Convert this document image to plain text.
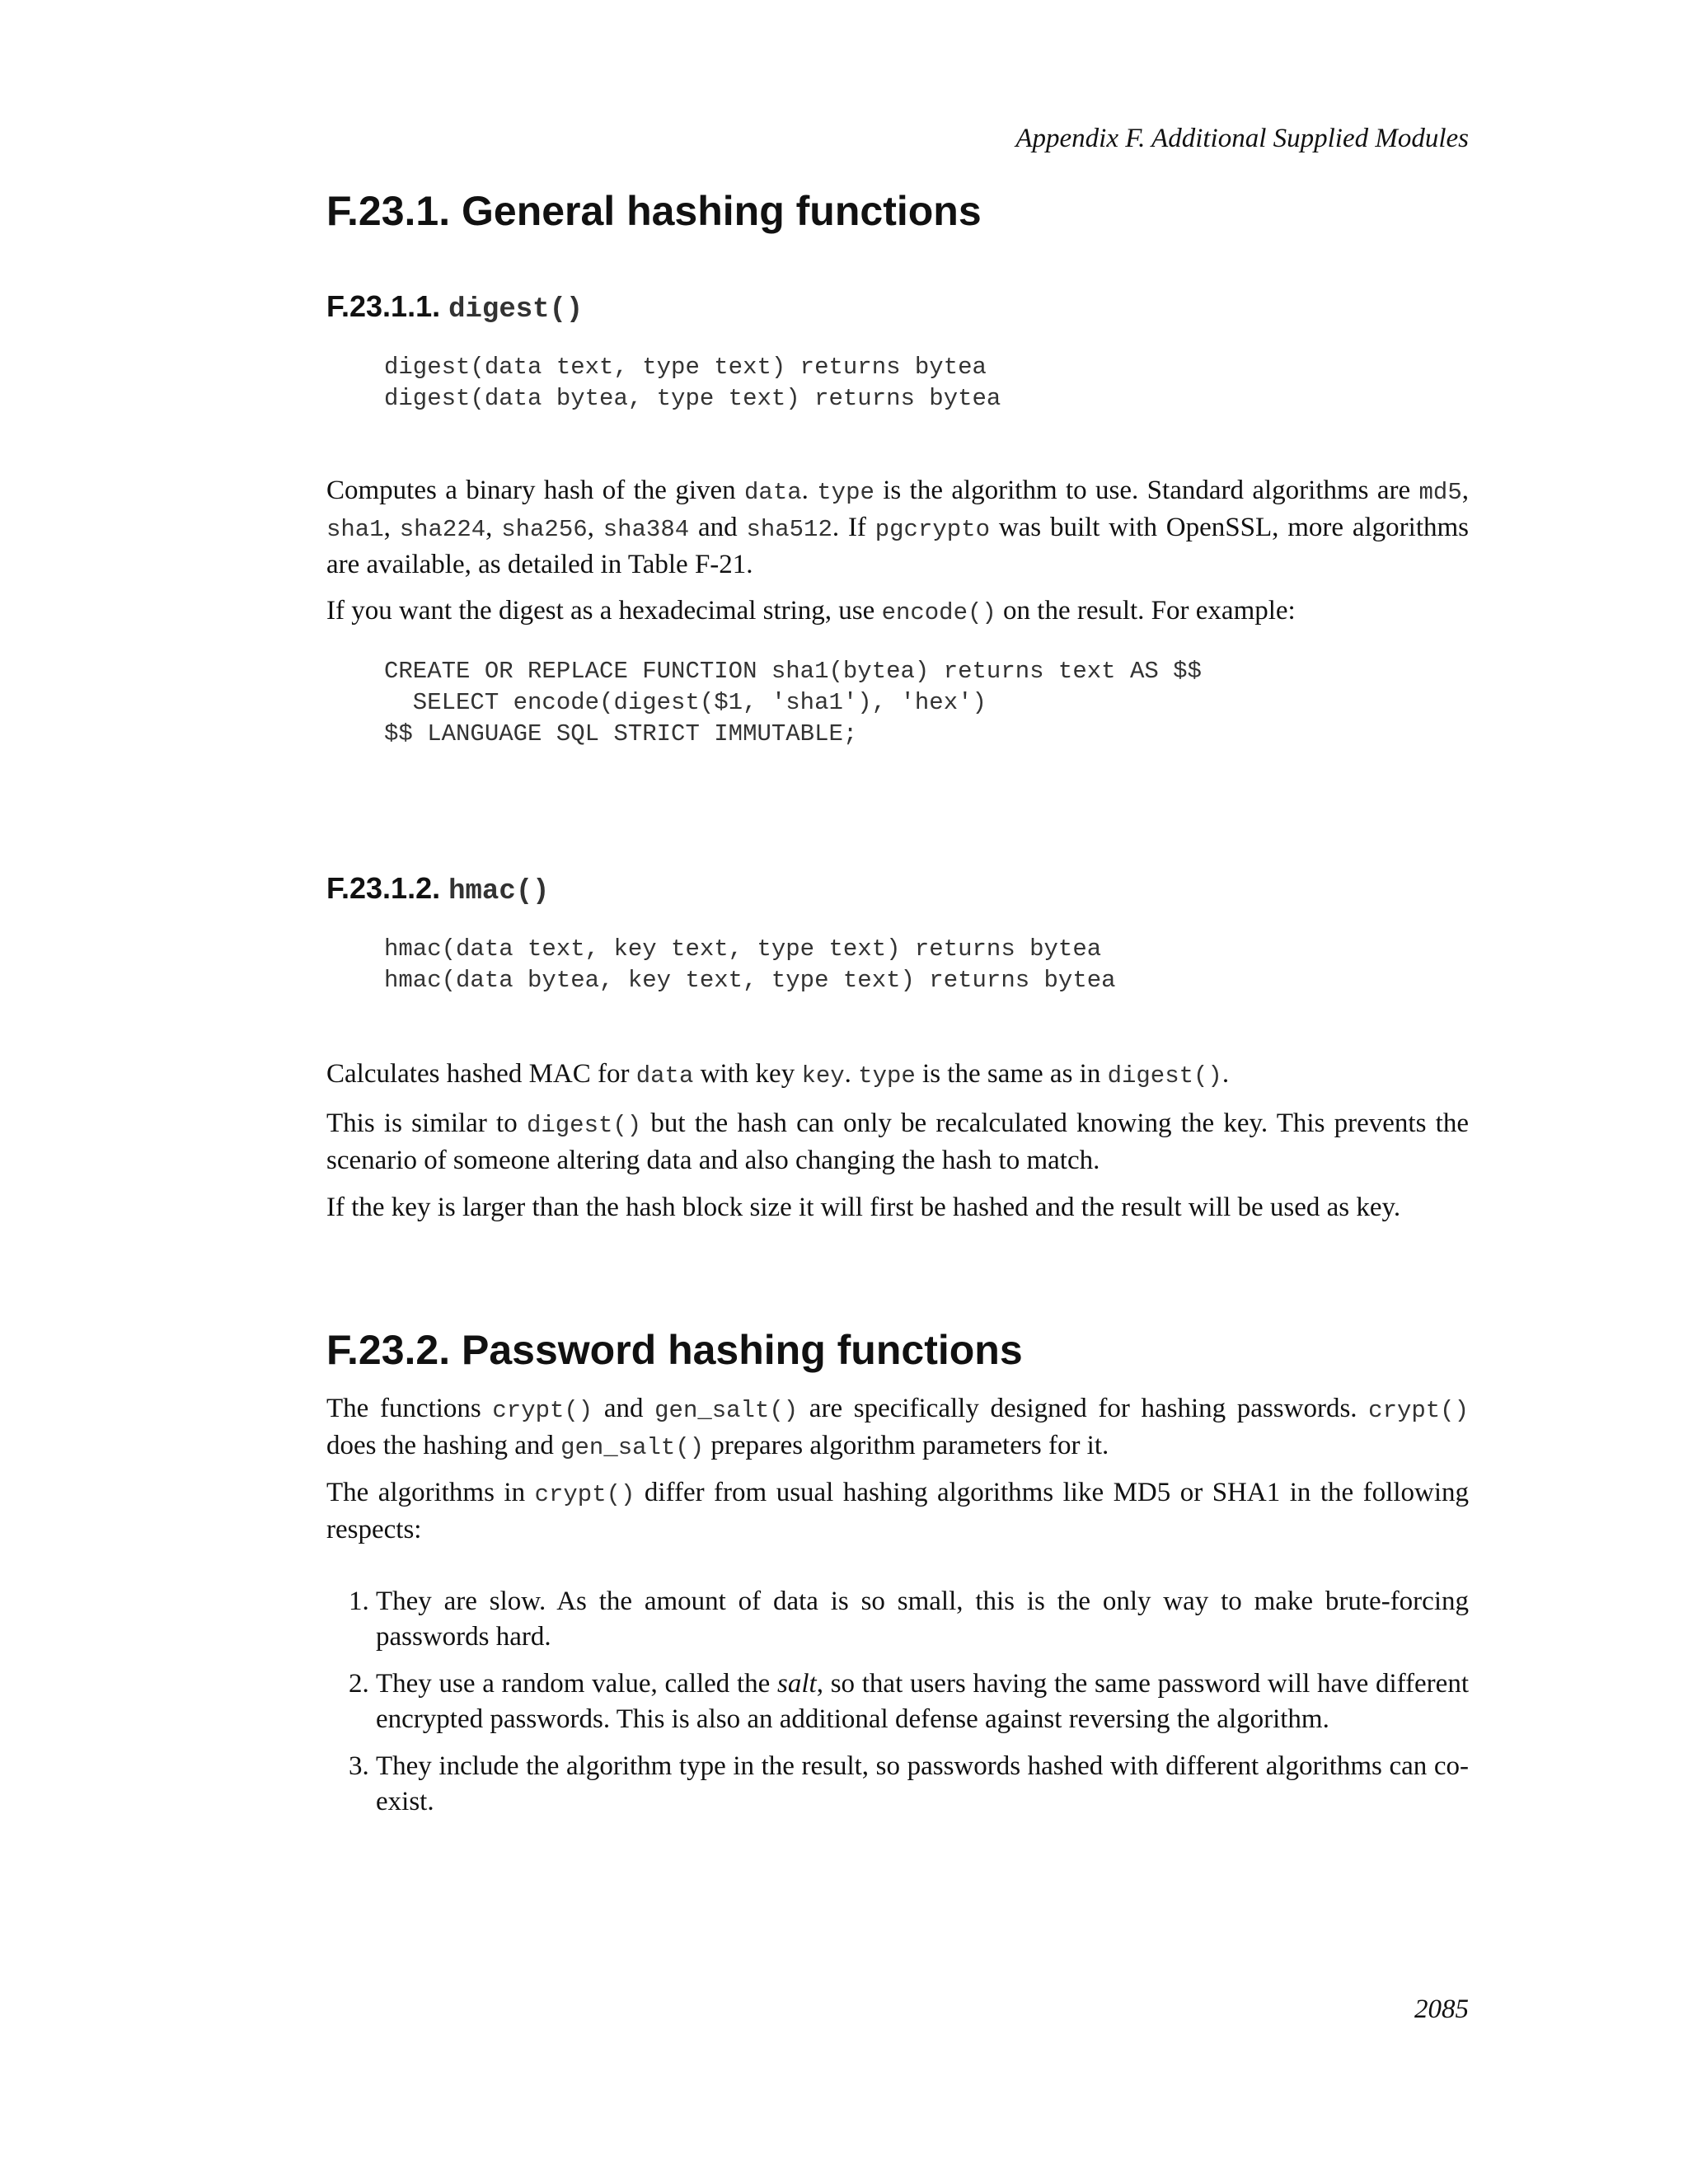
Appendix F. Additional Supplied Modules
F.23.1. General hashing functions
F.23.1.1. digest()
digest(data text, type text) returns bytea
digest(data bytea, type text) returns bytea

Computes a binary hash of the given data. type is the algorithm to use. Standard algorithms are md5, sha1, sha224, sha256, sha384 and sha512. If pgcrypto was built with OpenSSL, more algorithms are available, as detailed in Table F-21.

If you want the digest as a hexadecimal string, use encode() on the result. For example:

CREATE OR REPLACE FUNCTION sha1(bytea) returns text AS $$
SELECT encode(digest($1, 'sha1'), 'hex')
$$ LANGUAGE SQL STRICT IMMUTABLE;
F.23.1.2. hmac()
hmac(data text, key text, type text) returns bytea
hmac(data bytea, key text, type text) returns bytea

Calculates hashed MAC for data with key key. type is the same as in digest().

This is similar to digest() but the hash can only be recalculated knowing the key. This prevents the scenario of someone altering data and also changing the hash to match.

If the key is larger than the hash block size it will first be hashed and the result will be used as key.

F.23.2. Password hashing functions

The functions crypt() and gen_salt() are specifically designed for hashing passwords. crypt() does the hashing and gen_salt() prepares algorithm parameters for it.

The algorithms in crypt() differ from usual hashing algorithms like MD5 or SHA1 in the following respects:

1. They are slow. As the amount of data is so small, this is the only way to make brute-forcing passwords hard.
2. They use a random value, called the salt, so that users having the same password will have different encrypted passwords. This is also an additional defense against reversing the algorithm.
3. They include the algorithm type in the result, so passwords hashed with different algorithms can co-exist.
2085
